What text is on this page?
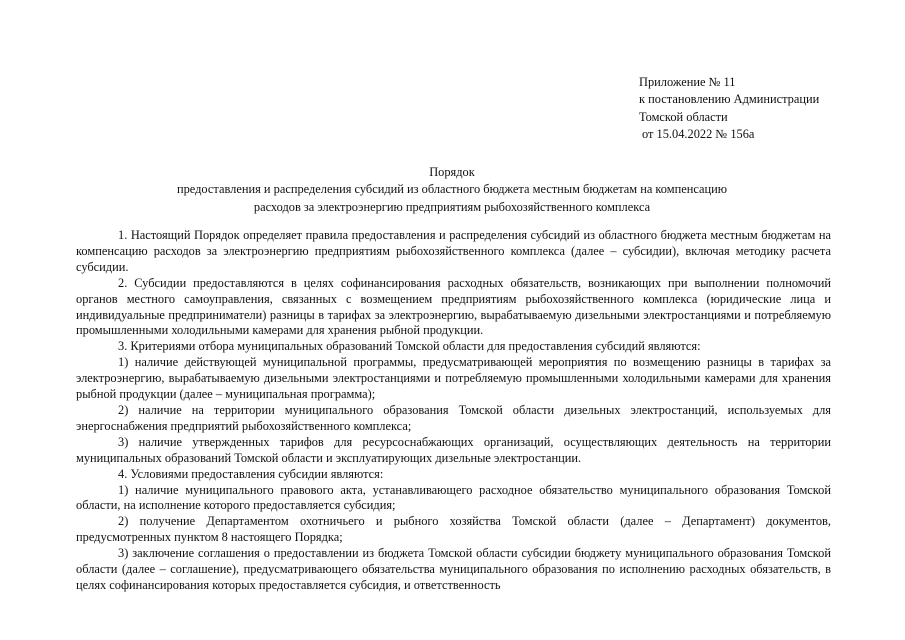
Приложение № 11
к постановлению Администрации
Томской области
от 15.04.2022 № 156а
Порядок
предоставления и распределения субсидий из областного бюджета местным бюджетам на компенсацию
расходов за электроэнергию предприятиям рыбохозяйственного комплекса

1. Настоящий Порядок определяет правила предоставления и распределения субсидий из областного бюджета местным бюджетам на компенсацию расходов за электроэнергию предприятиям рыбохозяйственного комплекса (далее – субсидии), включая методику расчета субсидии.

2. Субсидии предоставляются в целях софинансирования расходных обязательств, возникающих при выполнении полномочий органов местного самоуправления, связанных с возмещением предприятиям рыбохозяйственного комплекса (юридические лица и индивидуальные предприниматели) разницы в тарифах за электроэнергию, вырабатываемую дизельными электростанциями и потребляемую промышленными холодильными камерами для хранения рыбной продукции.

3. Критериями отбора муниципальных образований Томской области для предоставления субсидий являются:

1) наличие действующей муниципальной программы, предусматривающей мероприятия по возмещению разницы в тарифах за электроэнергию, вырабатываемую дизельными электростанциями и потребляемую промышленными холодильными камерами для хранения рыбной продукции (далее – муниципальная программа);

2) наличие на территории муниципального образования Томской области дизельных электростанций, используемых для энергоснабжения предприятий рыбохозяйственного комплекса;

3) наличие утвержденных тарифов для ресурсоснабжающих организаций, осуществляющих деятельность на территории муниципальных образований Томской области и эксплуатирующих дизельные электростанции.

4. Условиями предоставления субсидии являются:

1) наличие муниципального правового акта, устанавливающего расходное обязательство муниципального образования Томской области, на исполнение которого предоставляется субсидия;

2) получение Департаментом охотничьего и рыбного хозяйства Томской области (далее – Департамент) документов, предусмотренных пунктом 8 настоящего Порядка;

3) заключение соглашения о предоставлении из бюджета Томской области субсидии бюджету муниципального образования Томской области (далее – соглашение), предусматривающего обязательства муниципального образования по исполнению расходных обязательств, в целях софинансирования которых предоставляется субсидия, и ответственность
